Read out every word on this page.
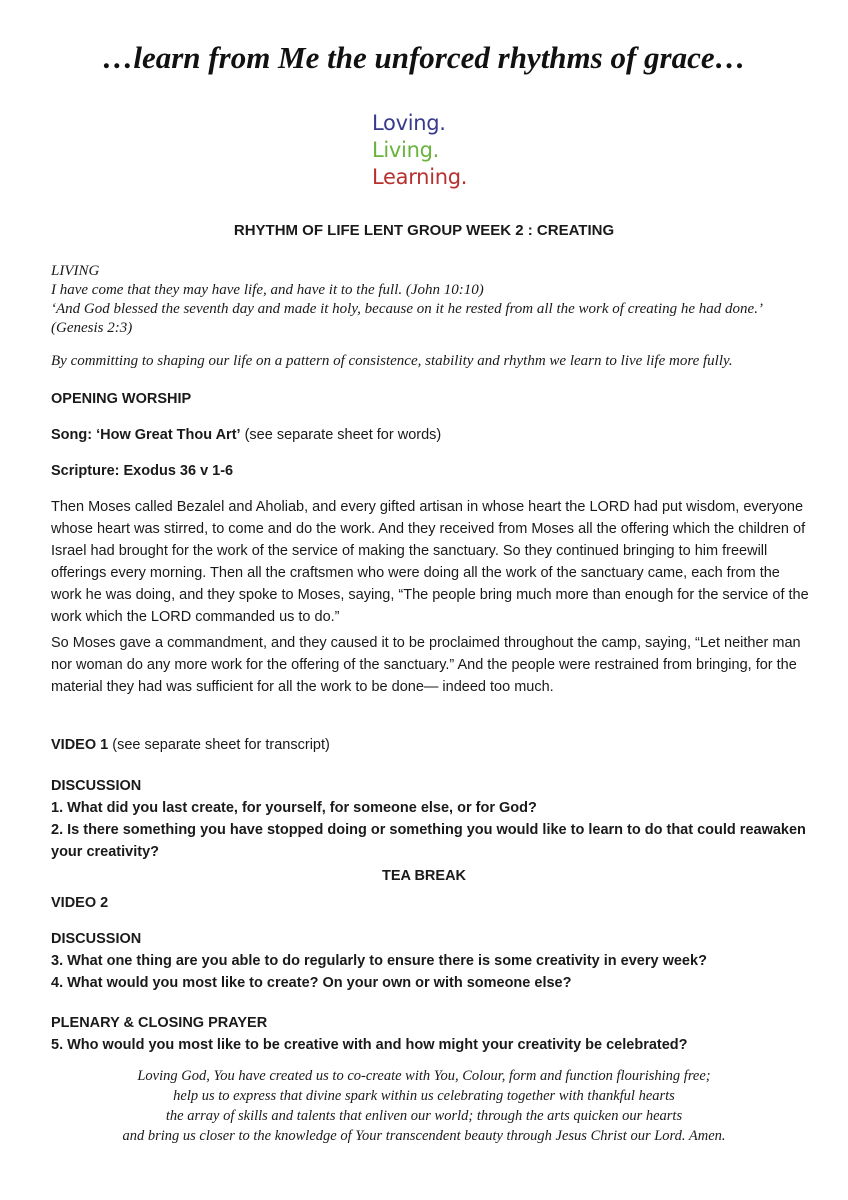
…learn from Me the unforced rhythms of grace…
Loving.
Living.
Learning.
RHYTHM OF LIFE LENT GROUP WEEK 2 : CREATING

LIVING

I have come that they may have life, and have it to the full. (John 10:10)

‘And God blessed the seventh day and made it holy, because on it he rested from all the work of creating he had done.’ (Genesis 2:3)

By committing to shaping our life on a pattern of consistence, stability and rhythm we learn to live life more fully.
OPENING WORSHIP
Song: ‘How Great Thou Art’ (see separate sheet for words)
Scripture: Exodus 36 v 1-6
Then Moses called Bezalel and Aholiab, and every gifted artisan in whose heart the LORD had put wisdom, everyone whose heart was stirred, to come and do the work. And they received from Moses all the offering which the children of Israel had brought for the work of the service of making the sanctuary. So they continued bringing to him freewill offerings every morning. Then all the craftsmen who were doing all the work of the sanctuary came, each from the work he was doing, and they spoke to Moses, saying, “The people bring much more than enough for the service of the work which the LORD commanded us to do.”
So Moses gave a commandment, and they caused it to be proclaimed throughout the camp, saying, “Let neither man nor woman do any more work for the offering of the sanctuary.” And the people were restrained from bringing, for the material they had was sufficient for all the work to be done— indeed too much.
VIDEO 1 (see separate sheet for transcript)

DISCUSSION

1. What did you last create, for yourself, for someone else, or for God?

2. Is there something you have stopped doing or something you would like to learn to do that could reawaken your creativity?

TEA BREAK
VIDEO 2

DISCUSSION

3. What one thing are you able to do regularly to ensure there is some creativity in every week?

4. What would you most like to create? On your own or with someone else?

PLENARY & CLOSING PRAYER

5. Who would you most like to be creative with and how might your creativity be celebrated?

Loving God, You have created us to co-create with You, Colour, form and function flourishing free;

help us to express that divine spark within us celebrating together with thankful hearts

the array of skills and talents that enliven our world; through the arts quicken our hearts

and bring us closer to the knowledge of Your transcendent beauty through Jesus Christ our Lord. Amen.
